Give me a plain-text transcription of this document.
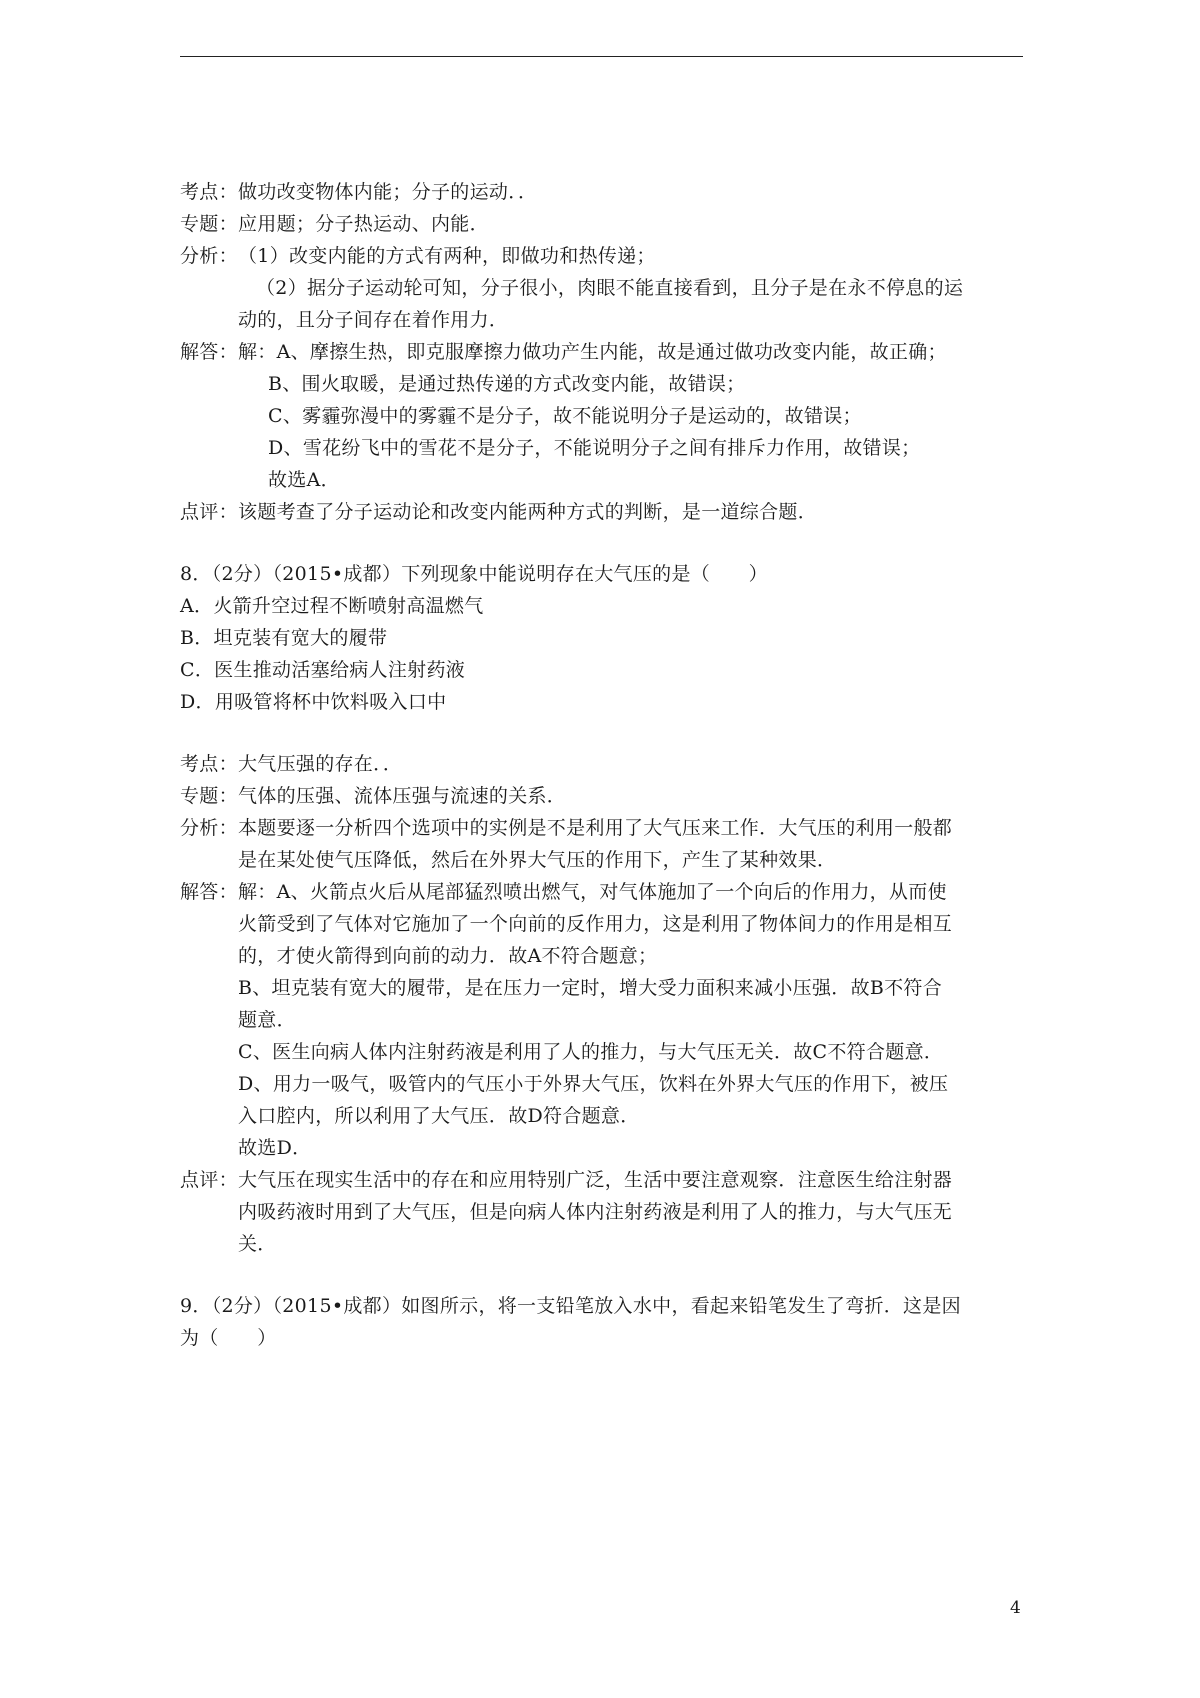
考点： 做功改变物体内能；分子的运动．．
专题： 应用题；分子热运动、内能．
分析： （1）改变内能的方式有两种，即做功和热传递；
（2）据分子运动轮可知，分子很小，肉眼不能直接看到，且分子是在永不停息的运
动的，且分子间存在着作用力．
解答： 解：A、摩擦生热，即克服摩擦力做功产生内能，故是通过做功改变内能，故正确；
B、围火取暖，是通过热传递的方式改变内能，故错误；
C、雾霾弥漫中的雾霾不是分子，故不能说明分子是运动的，故错误；
D、雪花纷飞中的雪花不是分子，不能说明分子之间有排斥力作用，故错误；
故选A．
点评： 该题考查了分子运动论和改变内能两种方式的判断，是一道综合题．
8．（2分）（2015•成都）下列现象中能说明存在大气压的是（　　）
A．火箭升空过程不断喷射高温燃气
B．坦克装有宽大的履带
C．医生推动活塞给病人注射药液
D．用吸管将杯中饮料吸入口中
考点： 大气压强的存在．．
专题： 气体的压强、流体压强与流速的关系．
分析： 本题要逐一分析四个选项中的实例是不是利用了大气压来工作．大气压的利用一般都
是在某处使气压降低，然后在外界大气压的作用下，产生了某种效果．
解答： 解：A、火箭点火后从尾部猛烈喷出燃气，对气体施加了一个向后的作用力，从而使
火箭受到了气体对它施加了一个向前的反作用力，这是利用了物体间力的作用是相互
的，才使火箭得到向前的动力．故A不符合题意；
B、坦克装有宽大的履带，是在压力一定时，增大受力面积来减小压强．故B不符合
题意．
C、医生向病人体内注射药液是利用了人的推力，与大气压无关．故C不符合题意．
D、用力一吸气，吸管内的气压小于外界大气压，饮料在外界大气压的作用下，被压
入口腔内，所以利用了大气压．故D符合题意．
故选D．
点评： 大气压在现实生活中的存在和应用特别广泛，生活中要注意观察．注意医生给注射器
内吸药液时用到了大气压，但是向病人体内注射药液是利用了人的推力，与大气压无
关．
9．（2分）（2015•成都）如图所示，将一支铅笔放入水中，看起来铅笔发生了弯折．这是因
为（　　）
4
